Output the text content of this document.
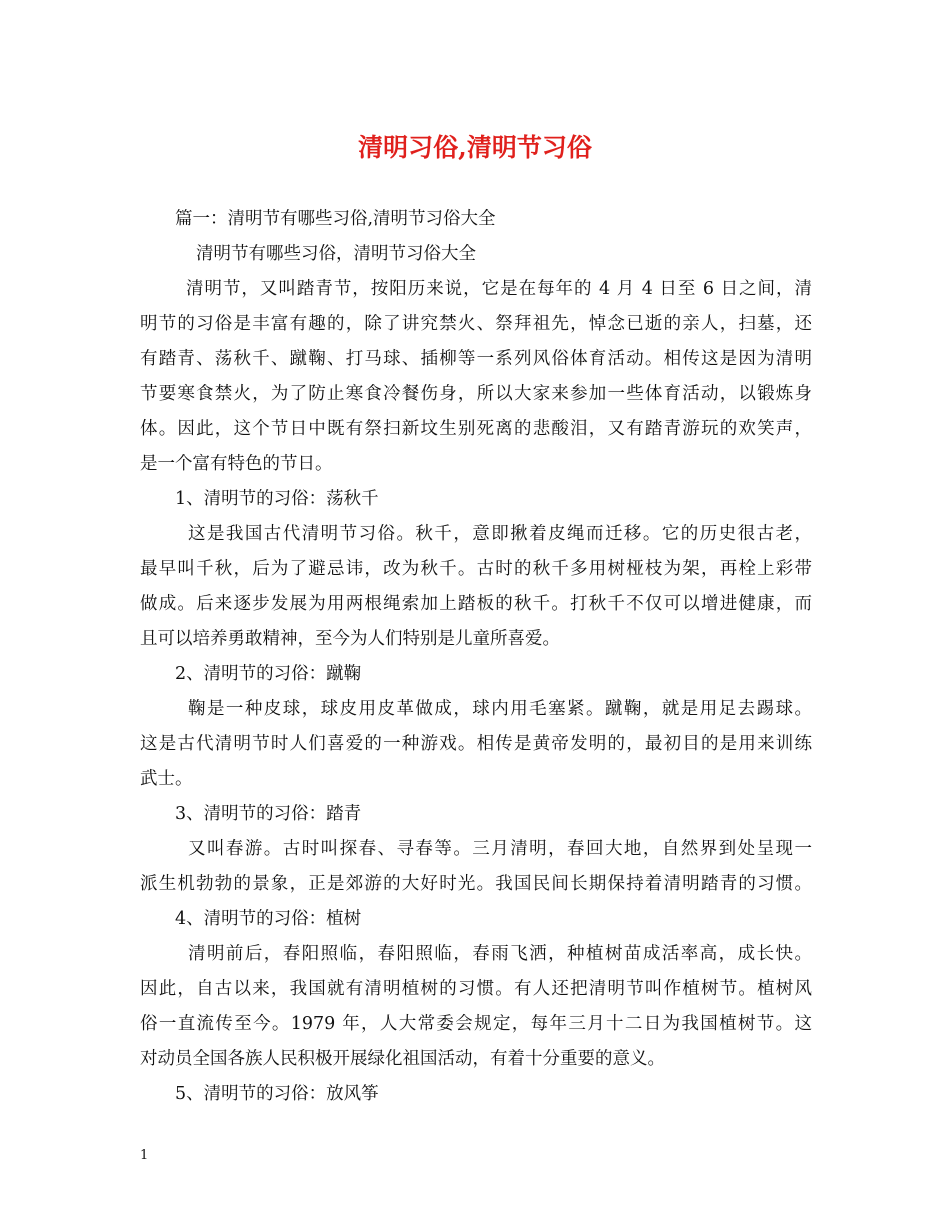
清明习俗,清明节习俗
篇一：清明节有哪些习俗,清明节习俗大全
清明节有哪些习俗，清明节习俗大全
清明节，又叫踏青节，按阳历来说，它是在每年的 4 月 4 日至 6 日之间，清
明节的习俗是丰富有趣的，除了讲究禁火、祭拜祖先，悼念已逝的亲人，扫墓，还
有踏青、荡秋千、蹴鞠、打马球、插柳等一系列风俗体育活动。相传这是因为清明
节要寒食禁火，为了防止寒食冷餐伤身，所以大家来参加一些体育活动，以锻炼身
体。因此，这个节日中既有祭扫新坟生别死离的悲酸泪，又有踏青游玩的欢笑声，
是一个富有特色的节日。
1、清明节的习俗：荡秋千
这是我国古代清明节习俗。秋千，意即揪着皮绳而迁移。它的历史很古老，
最早叫千秋，后为了避忌讳，改为秋千。古时的秋千多用树桠枝为架，再栓上彩带
做成。后来逐步发展为用两根绳索加上踏板的秋千。打秋千不仅可以增进健康，而
且可以培养勇敢精神，至今为人们特别是儿童所喜爱。
2、清明节的习俗：蹴鞠
鞠是一种皮球，球皮用皮革做成，球内用毛塞紧。蹴鞠，就是用足去踢球。
这是古代清明节时人们喜爱的一种游戏。相传是黄帝发明的，最初目的是用来训练
武士。
3、清明节的习俗：踏青
又叫春游。古时叫探春、寻春等。三月清明，春回大地，自然界到处呈现一
派生机勃勃的景象，正是郊游的大好时光。我国民间长期保持着清明踏青的习惯。
4、清明节的习俗：植树
清明前后，春阳照临，春阳照临，春雨飞洒，种植树苗成活率高，成长快。
因此，自古以来，我国就有清明植树的习惯。有人还把清明节叫作植树节。植树风
俗一直流传至今。1979 年，人大常委会规定，每年三月十二日为我国植树节。这
对动员全国各族人民积极开展绿化祖国活动，有着十分重要的意义。
5、清明节的习俗：放风筝
1
